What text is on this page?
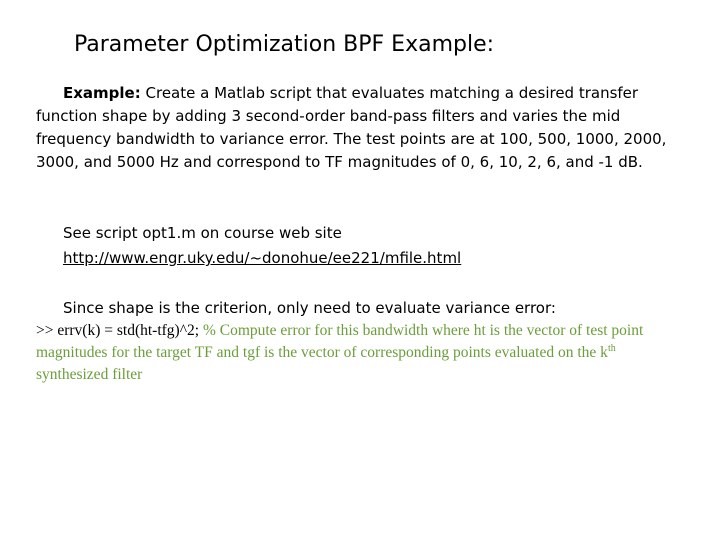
Parameter Optimization BPF Example:
Example: Create a Matlab script that evaluates matching a desired transfer function shape by adding 3 second-order band-pass filters and varies the mid frequency bandwidth to variance error. The test points are at 100, 500, 1000, 2000, 3000, and 5000 Hz and correspond to TF magnitudes of 0, 6, 10, 2, 6, and -1 dB.
See script opt1.m on course web site
http://www.engr.uky.edu/~donohue/ee221/mfile.html
Since shape is the criterion, only need to evaluate variance error:
>> errv(k) = std(ht-tfg)^2; % Compute error for this bandwidth where ht is the vector of test point magnitudes for the target TF and tgf is the vector of corresponding points evaluated on the $k^{th}$ synthesized filter
